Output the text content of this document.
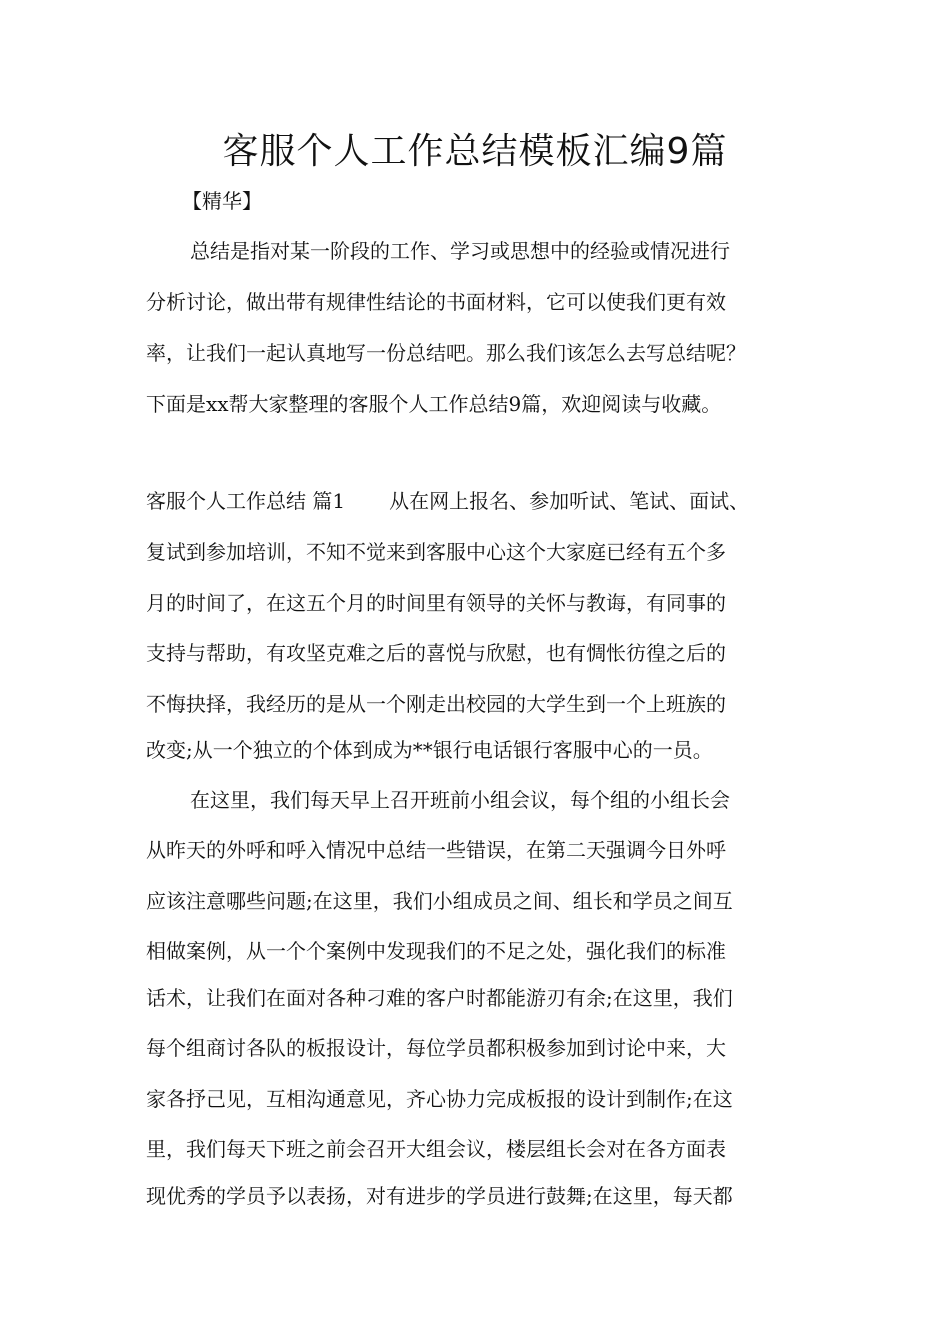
客服个人工作总结模板汇编9篇
【精华】
总结是指对某一阶段的工作、学习或思想中的经验或情况进行
分析讨论，做出带有规律性结论的书面材料，它可以使我们更有效
率，让我们一起认真地写一份总结吧。那么我们该怎么去写总结呢？
下面是xx帮大家整理的客服个人工作总结9篇，欢迎阅读与收藏。
客服个人工作总结 篇1 从在网上报名、参加听试、笔试、面试、
复试到参加培训，不知不觉来到客服中心这个大家庭已经有五个多
月的时间了，在这五个月的时间里有领导的关怀与教诲，有同事的
支持与帮助，有攻坚克难之后的喜悦与欣慰，也有惆怅彷徨之后的
不悔抉择，我经历的是从一个刚走出校园的大学生到一个上班族的
改变;从一个独立的个体到成为**银行电话银行客服中心的一员。
在这里，我们每天早上召开班前小组会议，每个组的小组长会
从昨天的外呼和呼入情况中总结一些错误，在第二天强调今日外呼
应该注意哪些问题;在这里，我们小组成员之间、组长和学员之间互
相做案例，从一个个案例中发现我们的不足之处，强化我们的标准
话术，让我们在面对各种刁难的客户时都能游刃有余;在这里，我们
每个组商讨各队的板报设计，每位学员都积极参加到讨论中来，大
家各抒己见，互相沟通意见，齐心协力完成板报的设计到制作;在这
里，我们每天下班之前会召开大组会议，楼层组长会对在各方面表
现优秀的学员予以表扬，对有进步的学员进行鼓舞;在这里，每天都
